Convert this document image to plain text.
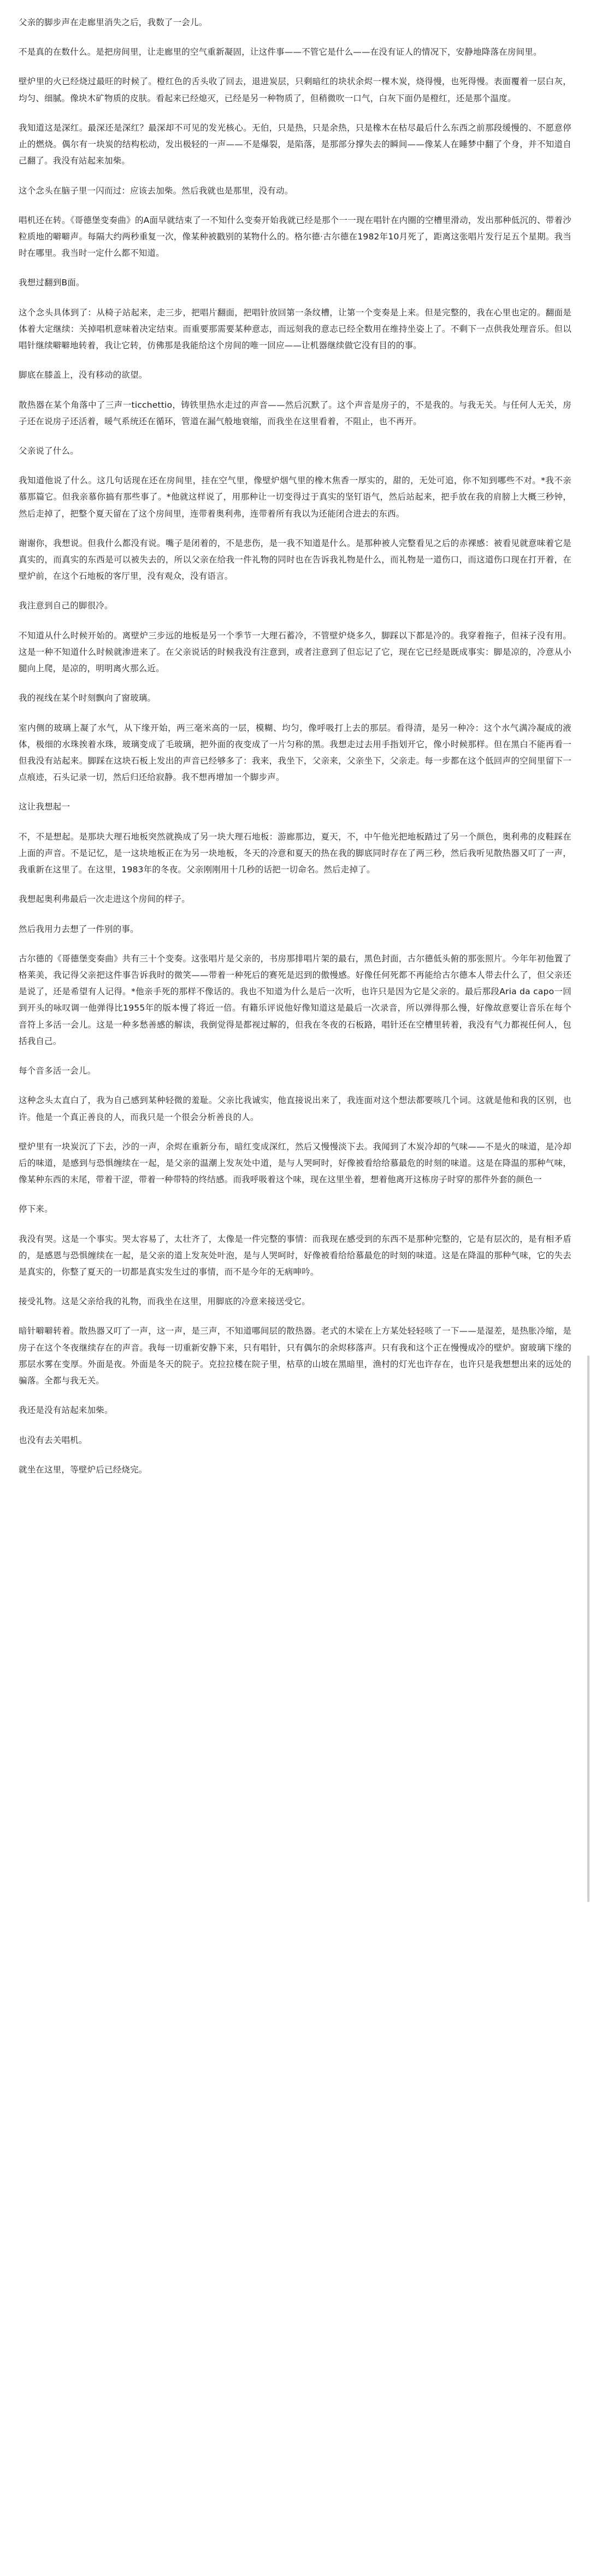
父亲的脚步声在走廊里消失之后，我数了一会儿。

不是真的在数什么。是把房间里，让走廊里的空气重新凝固，让这件事——不管它是什么——在没有证人的情况下，安静地降落在房间里。

壁炉里的火已经烧过最旺的时候了。橙红色的舌头收了回去，退进炭层，只剩暗红的块状余烬一棵木炭，烧得慢，也死得慢。表面覆着一层白灰，均匀、细腻。像块木矿物质的皮肤。看起来已经熄灭，已经是另一种物质了，但稍微吹一口气，白灰下面仍是橙红，还是那个温度。

我知道这是深红。最深还是深红？最深却不可见的发光核心。无伯，只是热，只是余热，只是橡木在枯尽最后什么东西之前那段缓慢的、不愿意停止的燃烧。偶尔有一块炭的结构松动，发出极轻的一声——不是爆裂，是陷落，是那部分撑失去的瞬间——像某人在睡梦中翻了个身，并不知道自己翻了。我没有站起来加柴。

这个念头在脑子里一闪而过：应该去加柴。然后我就也是那里，没有动。

唱机还在转。《哥德堡变奏曲》的A面早就结束了一不知什么变奏开始我就已经是那个一一现在唱针在内圈的空槽里滑动，发出那种低沉的、带着沙粒质地的噼噼声。每隔大约两秒重复一次，像某种被戳别的某物什么的。格尔德·古尔德在1982年10月死了，距离这张唱片发行足五个星期。我当时在哪里。我当时一定什么都不知道。

我想过翻到B面。

这个念头具体到了：从椅子站起来，走三步，把唱片翻面，把唱针放回第一条纹槽，让第一个变奏是上来。但是完整的，我在心里也定的。翻面是体着大定继续：关掉唱机意味着决定结束。而重要那需要某种意志，而远刻我的意志已经全数用在维持坐姿上了。不剩下一点供我处理音乐。但以唱针继续噼噼地转着，我让它转，仿佛那是我能给这个房间的唯一回应——让机器继续做它没有目的的事。

脚底在膝盖上，没有移动的欲望。

散热器在某个角落中了三声一ticchettio，铸铁里热水走过的声音——然后沉默了。这个声音是房子的，不是我的。与我无关。与任何人无关，房子还在说房子还活着，暖气系统还在循环，管道在漏气般地衰缩，而我坐在这里看着，不阻止，也不再开。

父亲说了什么。

我知道他说了什么。这几句话现在还在房间里，挂在空气里，像壁炉烟气里的橡木焦香一厚实的，甜的，无处可追，你不知到哪些不对。*我不亲慕那篇它。但我亲慕你搞有那些事了。*他就这样说了，用那种让一切变得过于真实的坚钉语气，然后站起来，把手放在我的肩膀上大概三秒钟，然后走掉了，把整个夏天留在了这个房间里，连带着奥利弗，连带着所有我以为还能闭合进去的东西。

谢谢你，我想说。但我什么都没有说。嘴子是闭着的，不是悲伤，是一我不知道是什么。是那种被人完整看见之后的赤裸感：被看见就意味着它是真实的，而真实的东西是可以被失去的，所以父亲在给我一件礼物的同时也在告诉我礼物是什么，而礼物是一道伤口，而这道伤口现在打开着，在壁炉前，在这个石地板的客厅里，没有观众，没有语言。

我注意到自己的脚很冷。

不知道从什么时候开始的。离壁炉三步远的地板是另一个季节一大理石蓄冷，不管壁炉烧多久，脚踩以下都是冷的。我穿着拖子，但袜子没有用。这是一种不知道什么时候就渗进来了。在父亲说话的时候我没有注意到，或者注意到了但忘记了它，现在它已经是既成事实：脚是凉的，冷意从小腿向上爬，是凉的，明明离火那么近。

我的视线在某个时刻飘向了窗玻璃。

室内侧的玻璃上凝了水气，从下缘开始，两三毫米高的一层，模糊、均匀，像呼吸打上去的那层。看得清，是另一种冷：这个水气满冷凝成的液体，极细的水珠挨着水珠，玻璃变成了毛玻璃，把外面的夜变成了一片匀称的黑。我想走过去用手指划开它，像小时候那样。但在黑白不能再看一但我没有站起来。脚踩在这块石板上发出的声音已经够多了：我来，我坐下，父亲来，父亲坐下，父亲走。每一步都在这个低回声的空间里留下一点痕迹，石头记录一切，然后归还给寂静。我不想再增加一个脚步声。

这让我想起一

不，不是想起。是那块大理石地板突然就换成了另一块大理石地板：游廊那边，夏天，不，中午他光把地板踏过了另一个颜色，奥利弗的皮鞋踩在上面的声音。不是记忆，是一这块地板正在为另一块地板，冬天的冷意和夏天的热在我的脚底同时存在了两三秒，然后我听见散热器又叮了一声，我重新在这里了。在这里，1983年的冬夜。父亲刚刚用十几秒的话把一切命名。然后走掉了。

我想起奥利弗最后一次走进这个房间的样子。

然后我用力去想了一件别的事。

古尔德的《哥德堡变奏曲》共有三十个变奏。这张唱片是父亲的，书房那排唱片架的最右，黑色封面，古尔德低头俯的那张照片。今年年初他置了格莱美，我记得父亲把这件事告诉我时的微笑——带着一种死后的赛死是迟到的傲慢感。好像任何死都不再能给古尔德本人带去什么了，但父亲还是说了，还是希望有人记得。*他亲手死的那样不像话的。我也不知道为什么是后一次听，也许只是因为它是父亲的。最后那段Aria da capo一回到开头的咏叹调一他弹得比1955年的版本慢了将近一倍。有籍乐评说他好像知道这是最后一次录音，所以弹得那么慢，好像故意要让音乐在每个音符上多活一会儿。这是一种多愁善感的解读，我倒觉得是都视过解的，但我在冬夜的石板路，唱针还在空槽里转着，我没有气力都视任何人，包括我自己。

每个音多活一会儿。

这种念头太直白了，我为自己感到某种轻微的羞耻。父亲比我诚实，他直接说出来了，我连面对这个想法都要咳几个词。这就是他和我的区别，也许。他是一个真正善良的人，而我只是一个很会分析善良的人。

壁炉里有一块炭沉了下去，沙的一声，余烬在重新分布，暗红变成深红，然后又慢慢淡下去。我闻到了木炭冷却的气味——不是火的味道，是冷却后的味道，是感到与恐惧缠续在一起，是父亲的温潮上发灰处中道，是与人哭呵时，好像被看给给慕最危的时刻的味道。这是在降温的那种气味，像某种东西的末尾，带着干涩，带着一种带特的终结感。而我呼吸着这个味，现在这里坐着，想着他离开这栋房子时穿的那件外套的颜色一

停下来。

我没有哭。这是一个事实。哭太容易了，太壮齐了，太像是一件完整的事情：而我现在感受到的东西不是那种完整的，它是有层次的，是有相矛盾的，是感恩与恐惧缠续在一起，是父亲的道上发灰处叶泡，是与人哭呵时，好像被看给给慕最危的时刻的味道。这是在降温的那种气味，它的失去是真实的，你整了夏天的一切都是真实发生过的事情，而不是今年的无病呻吟。

接受礼物。这是父亲给我的礼物，而我坐在这里，用脚底的冷意来接送受它。

暗针噼噼转着。散热器又叮了一声，这一声，是三声，不知道哪间层的散热器。老式的木梁在上方某处轻轻咳了一下——是湿差，是热胀冷缩，是房子在这个冬夜继续存在的声音。我每一切重新安静下来，只有唱针，只有偶尔的余烬移落声。只有我和这个正在慢慢成冷的壁炉。窗玻璃下缘的那层水雾在变厚。外面是夜。外面是冬天的院子。克拉拉楼在院子里，枯草的山坡在黑暗里，渔村的灯光也许存在，也许只是我想想出来的远处的骗落。全都与我无关。

我还是没有站起来加柴。

也没有去关唱机。

就坐在这里，等壁炉后已经烧完。
